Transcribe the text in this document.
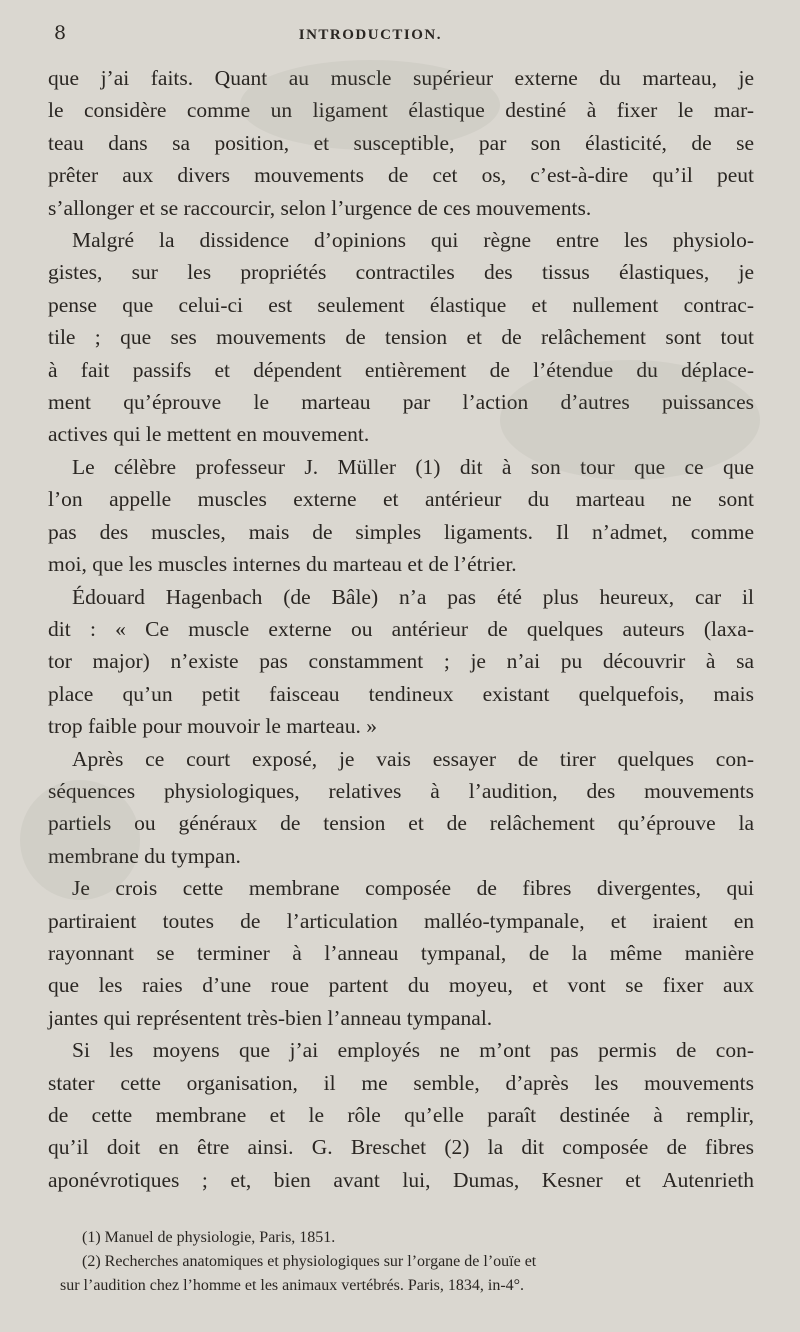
8	INTRODUCTION.
que j’ai faits. Quant au muscle supérieur externe du marteau, je
le considère comme un ligament élastique destiné à fixer le mar-
teau dans sa position, et susceptible, par son élasticité, de se
prêter aux divers mouvements de cet os, c’est-à-dire qu’il peut
s’allonger et se raccourcir, selon l’urgence de ces mouvements.
Malgré la dissidence d’opinions qui règne entre les physiolo-
gistes, sur les propriétés contractiles des tissus élastiques, je
pense que celui-ci est seulement élastique et nullement contrac-
tile ; que ses mouvements de tension et de relâchement sont tout
à fait passifs et dépendent entièrement de l’étendue du déplace-
ment qu’éprouve le marteau par l’action d’autres puissances
actives qui le mettent en mouvement.
Le célèbre professeur J. Müller (1) dit à son tour que ce que
l’on appelle muscles externe et antérieur du marteau ne sont
pas des muscles, mais de simples ligaments. Il n’admet, comme
moi, que les muscles internes du marteau et de l’étrier.
Édouard Hagenbach (de Bâle) n’a pas été plus heureux, car il
dit : « Ce muscle externe ou antérieur de quelques auteurs (laxa-
tor major) n’existe pas constamment ; je n’ai pu découvrir à sa
place qu’un petit faisceau tendineux existant quelquefois, mais
trop faible pour mouvoir le marteau. »
Après ce court exposé, je vais essayer de tirer quelques con-
séquences physiologiques, relatives à l’audition, des mouvements
partiels ou généraux de tension et de relâchement qu’éprouve la
membrane du tympan.
Je crois cette membrane composée de fibres divergentes, qui
partiraient toutes de l’articulation malléo-tympanale, et iraient en
rayonnant se terminer à l’anneau tympanal, de la même manière
que les raies d’une roue partent du moyeu, et vont se fixer aux
jantes qui représentent très-bien l’anneau tympanal.
Si les moyens que j’ai employés ne m’ont pas permis de con-
stater cette organisation, il me semble, d’après les mouvements
de cette membrane et le rôle qu’elle paraît destinée à remplir,
qu’il doit en être ainsi. G. Breschet (2) la dit composée de fibres
aponévrotiques ; et, bien avant lui, Dumas, Kesner et Autenrieth
(1) Manuel de physiologie, Paris, 1851.
(2) Recherches anatomiques et physiologiques sur l’organe de l’ouïe et
sur l’audition chez l’homme et les animaux vertébrés. Paris, 1834, in-4°.
